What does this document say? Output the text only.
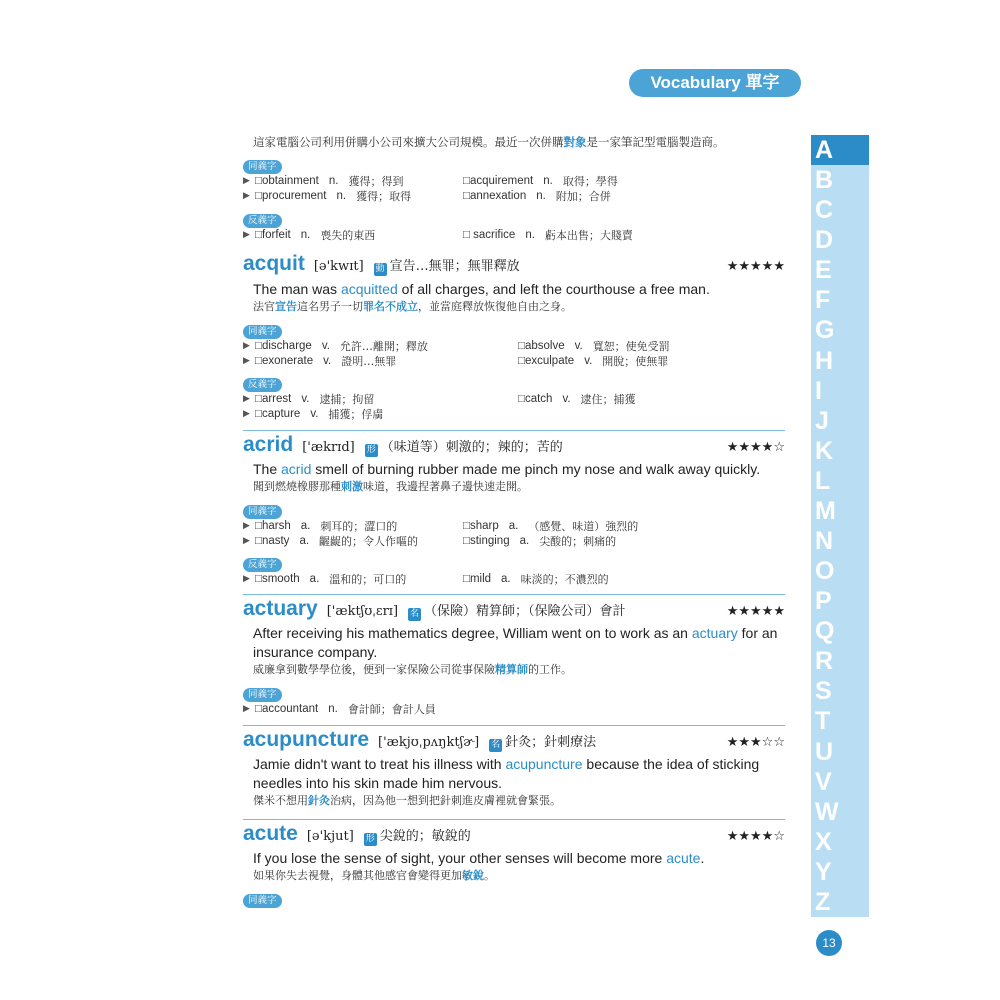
Vocabulary 單字
A
B
C
D
E
F
G
H
I
J
K
L
M
N
O
P
Q
R
S
T
U
V
W
X
Y
Z
13
這家電腦公司利用併購小公司來擴大公司規模。最近一次併購對象是一家筆記型電腦製造商。
同義字
▶ □obtainment n. 獲得；得到	□acquirement n. 取得；學得
▶ □procurement n. 獲得；取得	□annexation n. 附加；合併
反義字
▶ □forfeit n. 喪失的東西	□ sacrifice n. 虧本出售；大賤賣
acquit [ə'kwɪt] 動 宣告…無罪；無罪釋放	★★★★★
The man was acquitted of all charges, and left the courthouse a free man.
法官宣告這名男子一切罪名不成立，並當庭釋放恢復他自由之身。
同義字
▶ □discharge v. 允許…離開；釋放	□absolve v. 寬恕；使免受罰
▶ □exonerate v. 證明…無罪	□exculpate v. 開脫；使無罪
反義字
▶ □arrest v. 逮捕；拘留	□catch v. 逮住；捕獲
▶ □capture v. 捕獲；俘虜
acrid ['ækrɪd] 形 （味道等）刺激的；辣的；苦的	★★★★☆
The acrid smell of burning rubber made me pinch my nose and walk away quickly.
聞到燃燒橡膠那種刺激味道，我邊捏著鼻子邊快速走開。
同義字
▶ □harsh a. 刺耳的；澀口的	□sharp a. （感覺、味道）強烈的
▶ □nasty a. 齷齪的；令人作嘔的	□stinging a. 尖酸的；刺痛的
反義字
▶ □smooth a. 溫和的；可口的	□mild a. 味淡的；不濃烈的
actuary ['æktʃʊˌɛrɪ] 名 （保險）精算師；（保險公司）會計	★★★★★
After receiving his mathematics degree, William went on to work as an actuary for an insurance company.
威廉拿到數學學位後，便到一家保險公司從事保險精算師的工作。
同義字
▶ □accountant n. 會計師；會計人員
acupuncture ['ækjʊˌpʌŋktʃɚ] 名 針灸；針刺療法	★★★☆☆
Jamie didn't want to treat his illness with acupuncture because the idea of sticking needles into his skin made him nervous.
傑米不想用針灸治病，因為他一想到把針刺進皮膚裡就會緊張。
acute [ə'kjut] 形 尖銳的；敏銳的	★★★★☆
If you lose the sense of sight, your other senses will become more acute.
如果你失去視覺，身體其他感官會變得更加敏銳。
同義字
